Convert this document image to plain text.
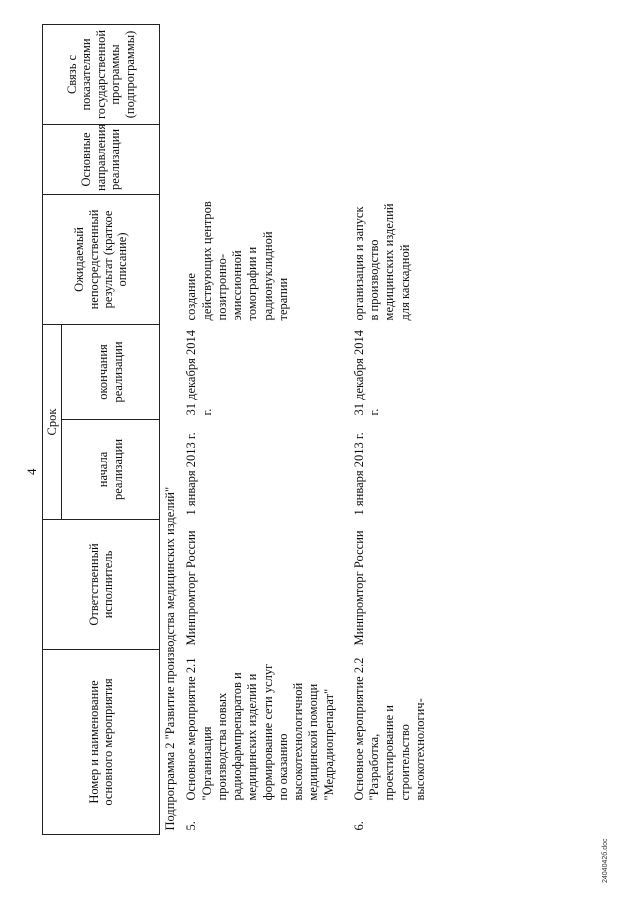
4
Номер и наименование основного мероприятия		Ответственный исполнитель	Срок		Ожидаемый непосредственный результат (краткое описание)	Основные направления реализации	Связь с показателями государственной программы (подпрограммы)
			начала реализации	окончания реализации			
Подпрограмма 2 "Развитие производства медицинских изделий"							
5.	Основное мероприятие 2.1 "Организация производства новых радиофармпрепаратов и медицинских изделий и формирование сети услуг по оказанию высокотехнологичной медицинской помощи "Медрадиопрепарат"	Минпромторг России	1 января 2013 г.	31 декабря 2014 г.	создание действующих центров позитронно-эмиссионной томографии и радионуклидной терапии		
6.	Основное мероприятие 2.2 "Разработка, проектирование и строительство высокотехнологич-	Минпромторг России	1 января 2013 г.	31 декабря 2014 г.	организация и запуск в производство медицинских изделий для каскадной		
2404042б.doc
